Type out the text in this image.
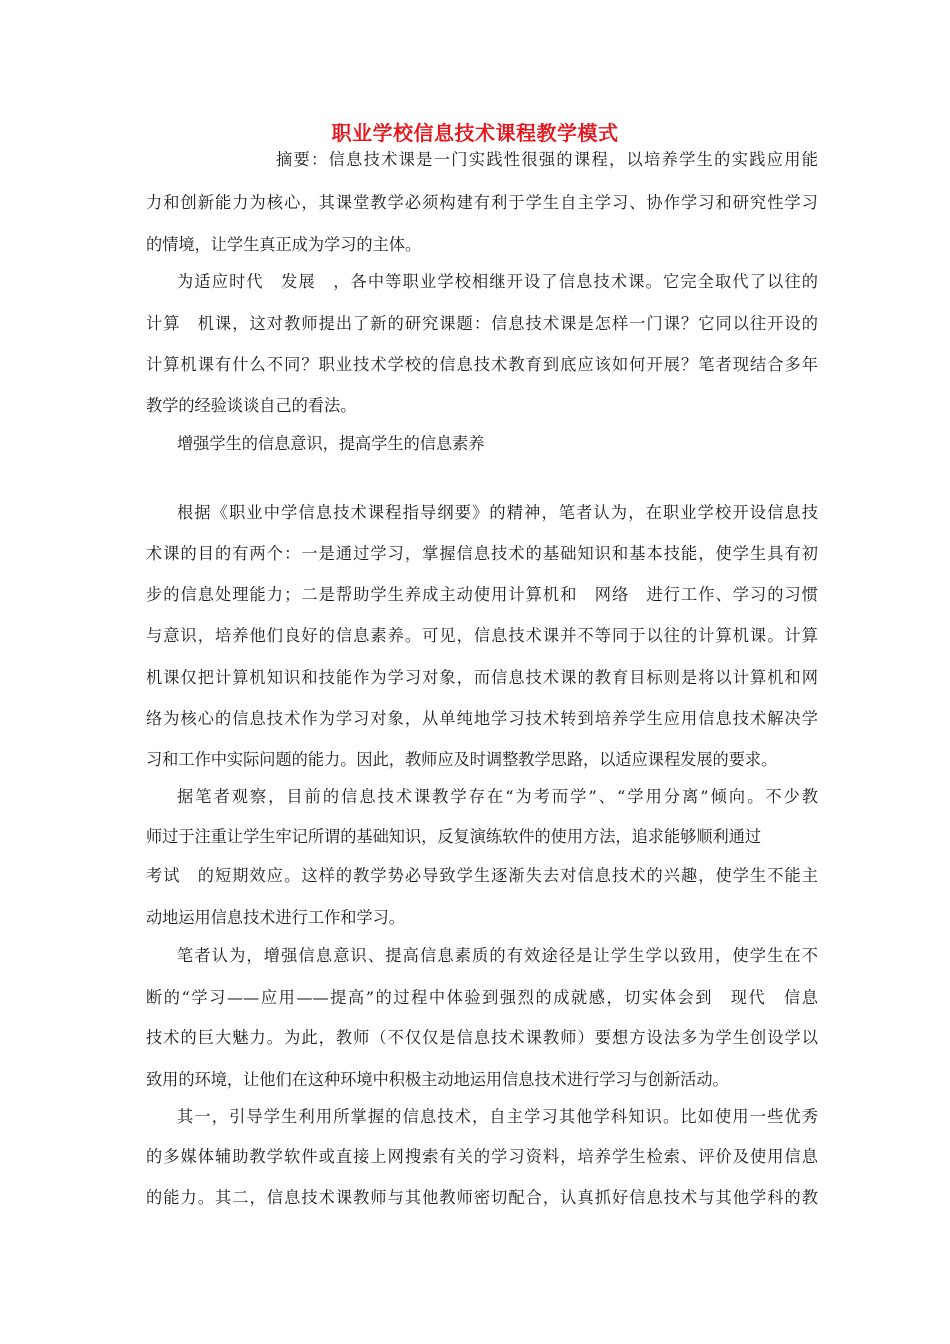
职业学校信息技术课程教学模式
摘要：信息技术课是一门实践性很强的课程，以培养学生的实践应用能
力和创新能力为核心，其课堂教学必须构建有利于学生自主学习、协作学习和研究性学习
的情境，让学生真正成为学习的主体。
为适应时代　发展　，各中等职业学校相继开设了信息技术课。它完全取代了以往的
计算　机课，这对教师提出了新的研究课题：信息技术课是怎样一门课？它同以往开设的
计算机课有什么不同？职业技术学校的信息技术教育到底应该如何开展？笔者现结合多年
教学的经验谈谈自己的看法。
增强学生的信息意识，提高学生的信息素养
根据《职业中学信息技术课程指导纲要》的精神，笔者认为，在职业学校开设信息技
术课的目的有两个：一是通过学习，掌握信息技术的基础知识和基本技能，使学生具有初
步的信息处理能力；二是帮助学生养成主动使用计算机和　网络　进行工作、学习的习惯
与意识，培养他们良好的信息素养。可见，信息技术课并不等同于以往的计算机课。计算
机课仅把计算机知识和技能作为学习对象，而信息技术课的教育目标则是将以计算机和网
络为核心的信息技术作为学习对象，从单纯地学习技术转到培养学生应用信息技术解决学
习和工作中实际问题的能力。因此，教师应及时调整教学思路，以适应课程发展的要求。
据笔者观察，目前的信息技术课教学存在“为考而学”、“学用分离”倾向。不少教
师过于注重让学生牢记所谓的基础知识，反复演练软件的使用方法，追求能够顺利通过
考试　的短期效应。这样的教学势必导致学生逐渐失去对信息技术的兴趣，使学生不能主
动地运用信息技术进行工作和学习。
笔者认为，增强信息意识、提高信息素质的有效途径是让学生学以致用，使学生在不
断的“学习——应用——提高”的过程中体验到强烈的成就感，切实体会到　现代　信息
技术的巨大魅力。为此，教师（不仅仅是信息技术课教师）要想方设法多为学生创设学以
致用的环境，让他们在这种环境中积极主动地运用信息技术进行学习与创新活动。
其一，引导学生利用所掌握的信息技术，自主学习其他学科知识。比如使用一些优秀
的多媒体辅助教学软件或直接上网搜索有关的学习资料，培养学生检索、评价及使用信息
的能力。其二，信息技术课教师与其他教师密切配合，认真抓好信息技术与其他学科的教
